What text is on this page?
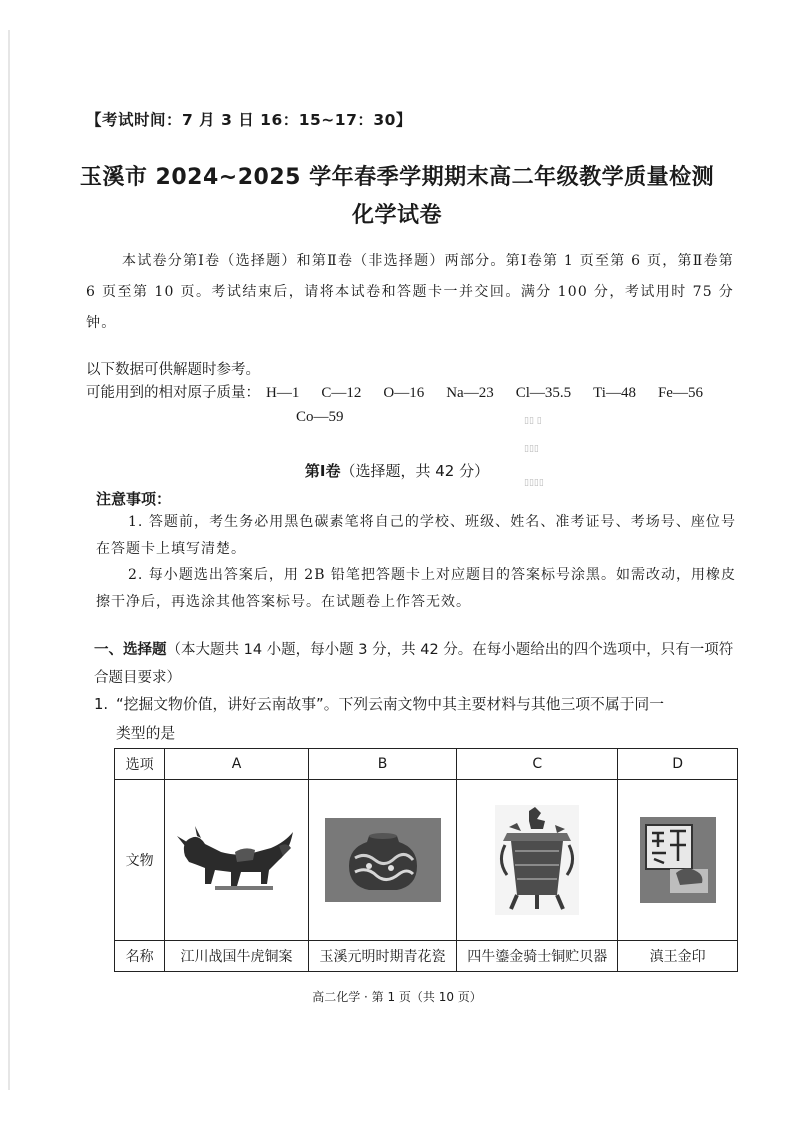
【考试时间：7 月 3 日 16：15~17：30】
玉溪市 2024~2025 学年春季学期期末高二年级教学质量检测
化学试卷
本试卷分第Ⅰ卷（选择题）和第Ⅱ卷（非选择题）两部分。第Ⅰ卷第 1 页至第 6 页，第Ⅱ卷第 6 页至第 10 页。考试结束后，请将本试卷和答题卡一并交回。满分 100 分，考试用时 75 分钟。
以下数据可供解题时参考。
可能用到的相对原子质量： H—1 C—12 O—16 Na—23 Cl—35.5 Ti—48 Fe—56
Co—59	▯▯ ▯
▯▯▯
▯▯▯▯
第Ⅰ卷（选择题，共 42 分）
注意事项：
1. 答题前，考生务必用黑色碳素笔将自己的学校、班级、姓名、准考证号、考场号、座位号在答题卡上填写清楚。
2. 每小题选出答案后，用 2B 铅笔把答题卡上对应题目的答案标号涂黑。如需改动，用橡皮擦干净后，再选涂其他答案标号。在试题卷上作答无效。
一、选择题（本大题共 14 小题，每小题 3 分，共 42 分。在每小题给出的四个选项中，只有一项符合题目要求）
1. “挖掘文物价值，讲好云南故事”。下列云南文物中其主要材料与其他三项不属于同一
类型的是
选项	A	B	C	D
文物	

名称	江川战国牛虎铜案	玉溪元明时期青花瓷	四牛鎏金骑士铜贮贝器	滇王金印
高二化学 · 第 1 页（共 10 页）
